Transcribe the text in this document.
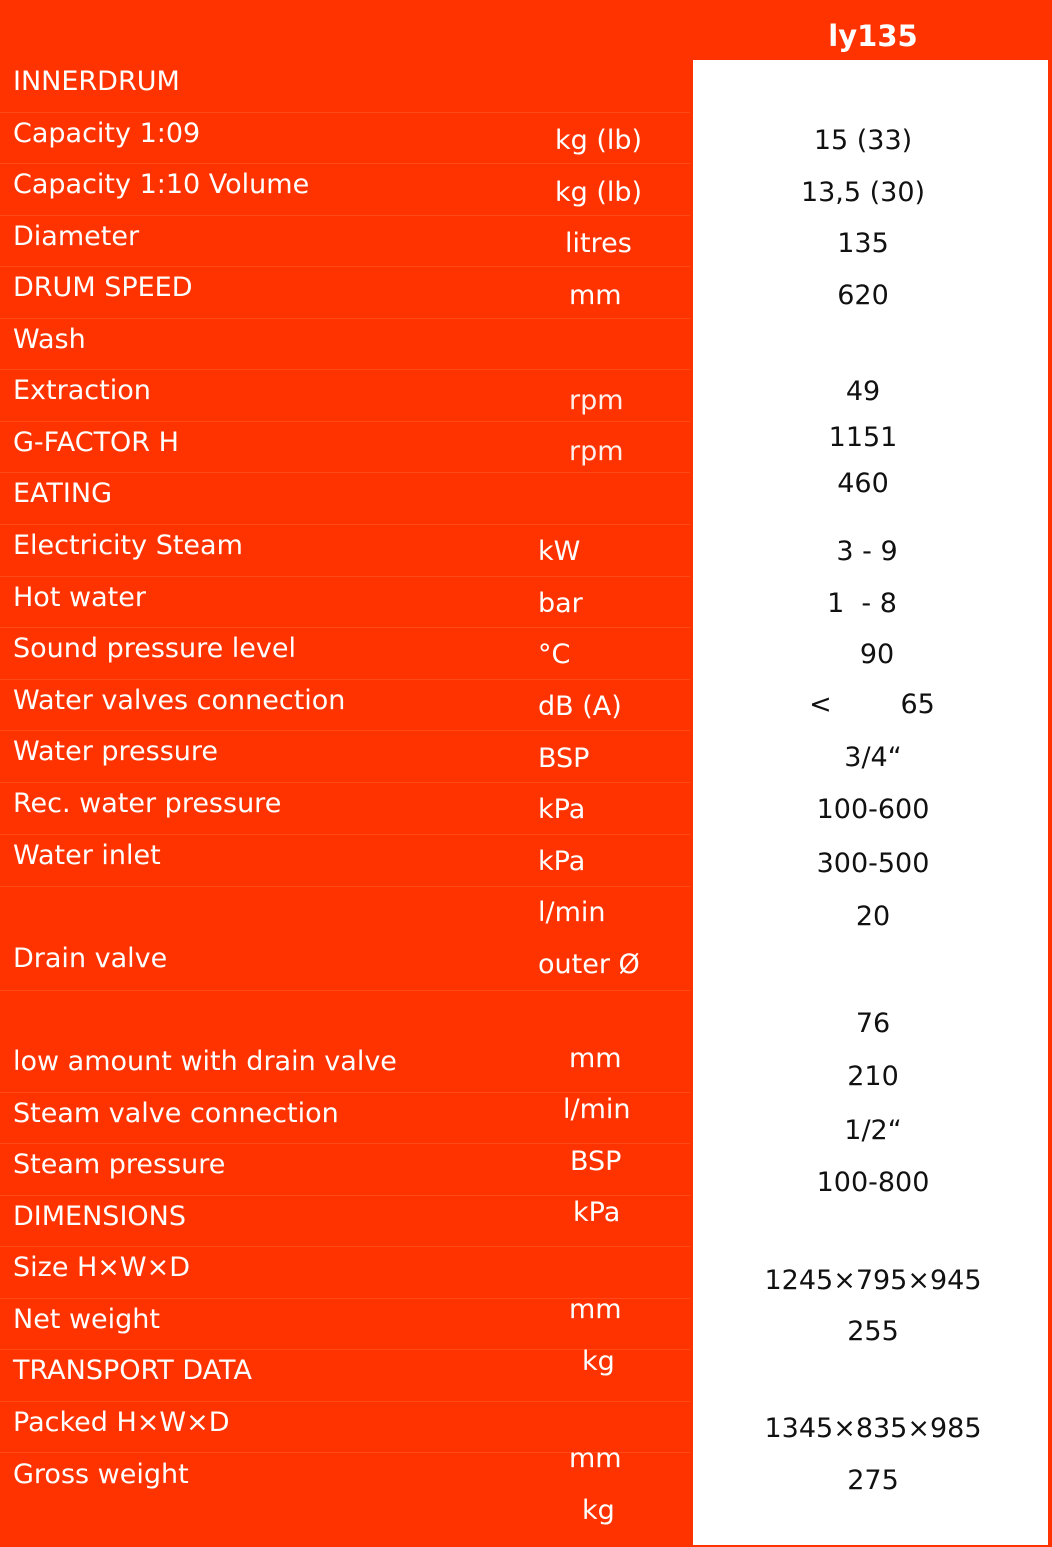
ly135
INNERDRUM
Capacity 1:09
Capacity 1:10 Volume
Diameter
DRUM SPEED
Wash
Extraction
G-FACTOR H
EATING
Electricity Steam
Hot water
Sound pressure level
Water valves connection
Water pressure
Rec. water pressure
Water inlet
Drain valve
low amount with drain valve
Steam valve connection
Steam pressure
DIMENSIONS
Size H×W×D
Net weight
TRANSPORT DATA
Packed H×W×D
Gross weight
kg (lb)
kg (lb)
litres
mm
rpm
rpm
kW
bar
°C
dB (A)
BSP
kPa
kPa
l/min
outer Ø
mm
l/min
BSP
kPa
mm
kg
mm
kg
15 (33)
13,5 (30)
135
620
49
1151
460
3 - 9
1  - 8
90
<        65
3/4“
100-600
300-500
20
76
210
1/2“
100-800
1245×795×945
255
1345×835×985
275
